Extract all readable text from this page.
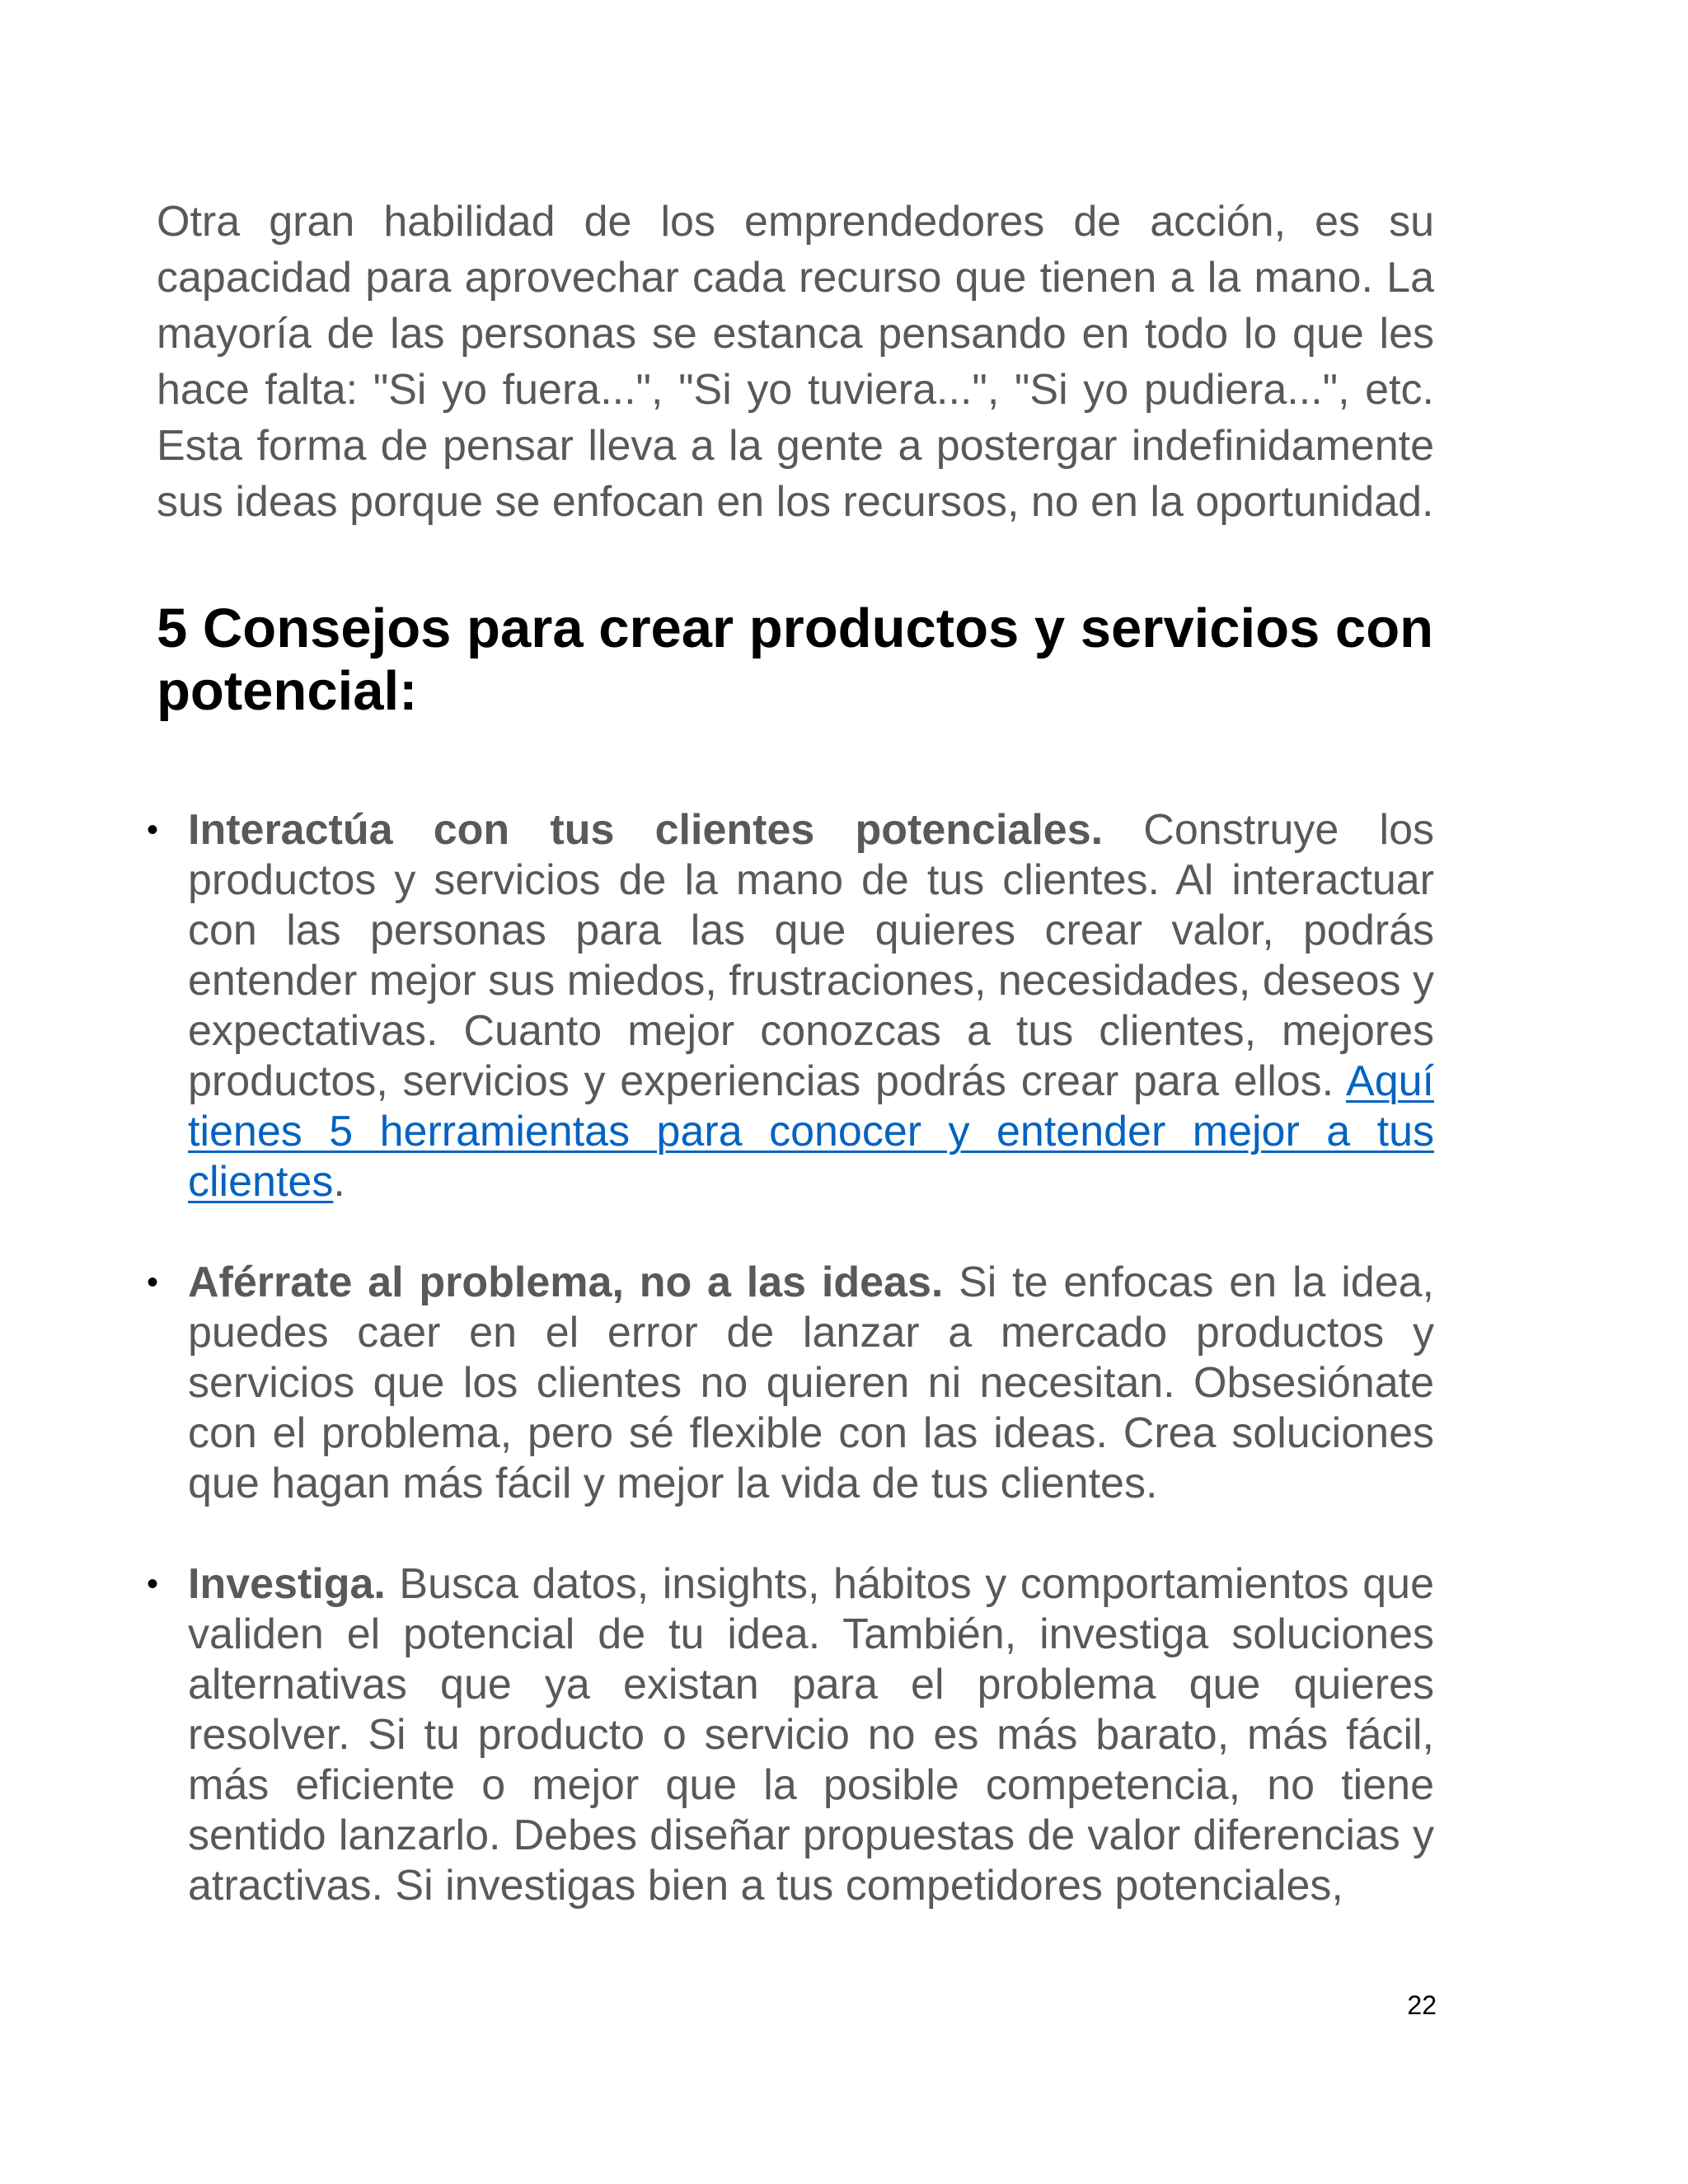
Otra gran habilidad de los emprendedores de acción, es su capacidad para aprovechar cada recurso que tienen a la mano. La mayoría de las personas se estanca pensando en todo lo que les hace falta: "Si yo fuera...", "Si yo tuviera...", "Si yo pudiera...", etc. Esta forma de pensar lleva a la gente a postergar indefinidamente sus ideas porque se enfocan en los recursos, no en la oportunidad.

5 Consejos para crear productos y servicios con potencial:
• Interactúa con tus clientes potenciales. Construye los productos y servicios de la mano de tus clientes. Al interactuar con las personas para las que quieres crear valor, podrás entender mejor sus miedos, frustraciones, necesidades, deseos y expectativas. Cuanto mejor conozcas a tus clientes, mejores productos, servicios y experiencias podrás crear para ellos. Aquí tienes 5 herramientas para conocer y entender mejor a tus clientes.
• Aférrate al problema, no a las ideas. Si te enfocas en la idea, puedes caer en el error de lanzar a mercado productos y servicios que los clientes no quieren ni necesitan. Obsesiónate con el problema, pero sé flexible con las ideas. Crea soluciones que hagan más fácil y mejor la vida de tus clientes.
• Investiga. Busca datos, insights, hábitos y comportamientos que validen el potencial de tu idea. También, investiga soluciones alternativas que ya existan para el problema que quieres resolver. Si tu producto o servicio no es más barato, más fácil, más eficiente o mejor que la posible competencia, no tiene sentido lanzarlo. Debes diseñar propuestas de valor diferencias y atractivas. Si investigas bien a tus competidores potenciales,
22
